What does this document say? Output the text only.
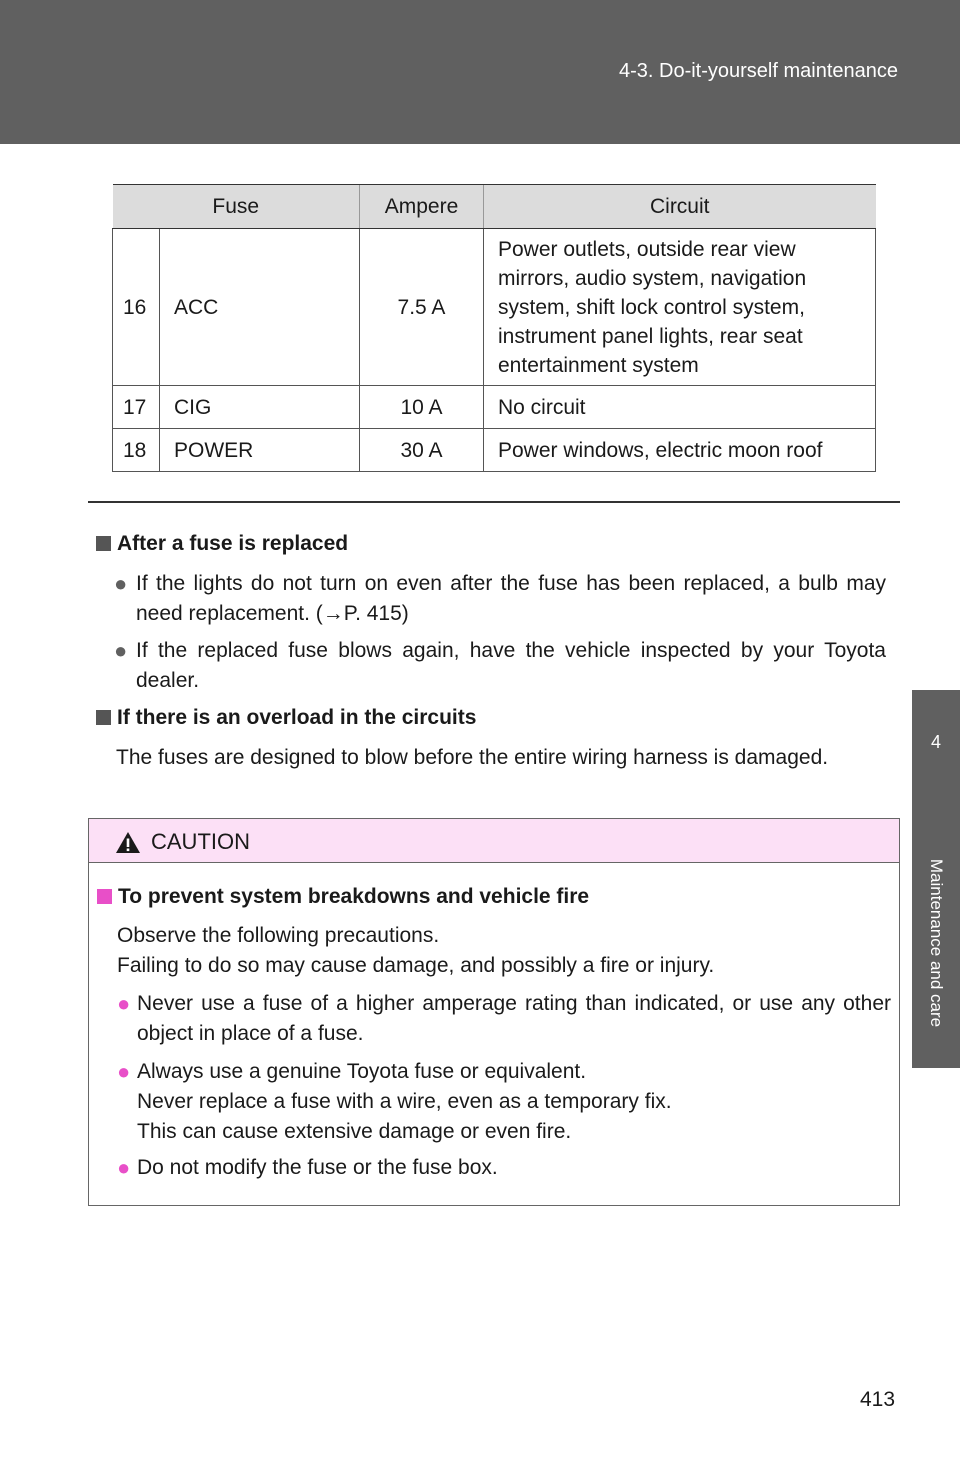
4-3. Do-it-yourself maintenance
4
Maintenance and care
Fuse		Ampere	Circuit
16	ACC	7.5 A	Power outlets, outside rear view
mirrors, audio system, navigation
system, shift lock control system,
instrument panel lights, rear seat
entertainment system

17	CIG	10 A	No circuit
18	POWER	30 A	Power windows, electric moon roof
After a fuse is replaced
● If the lights do not turn on even after the fuse has been replaced, a bulb may need replacement. (→P. 415)
● If the replaced fuse blows again, have the vehicle inspected by your Toyota dealer.
If there is an overload in the circuits
The fuses are designed to blow before the entire wiring harness is damaged.
CAUTION
To prevent system breakdowns and vehicle fire
Observe the following precautions.
Failing to do so may cause damage, and possibly a fire or injury.
● Never use a fuse of a higher amperage rating than indicated, or use any other object in place of a fuse.
● Always use a genuine Toyota fuse or equivalent.
Never replace a fuse with a wire, even as a temporary fix.
This can cause extensive damage or even fire.
● Do not modify the fuse or the fuse box.
413
